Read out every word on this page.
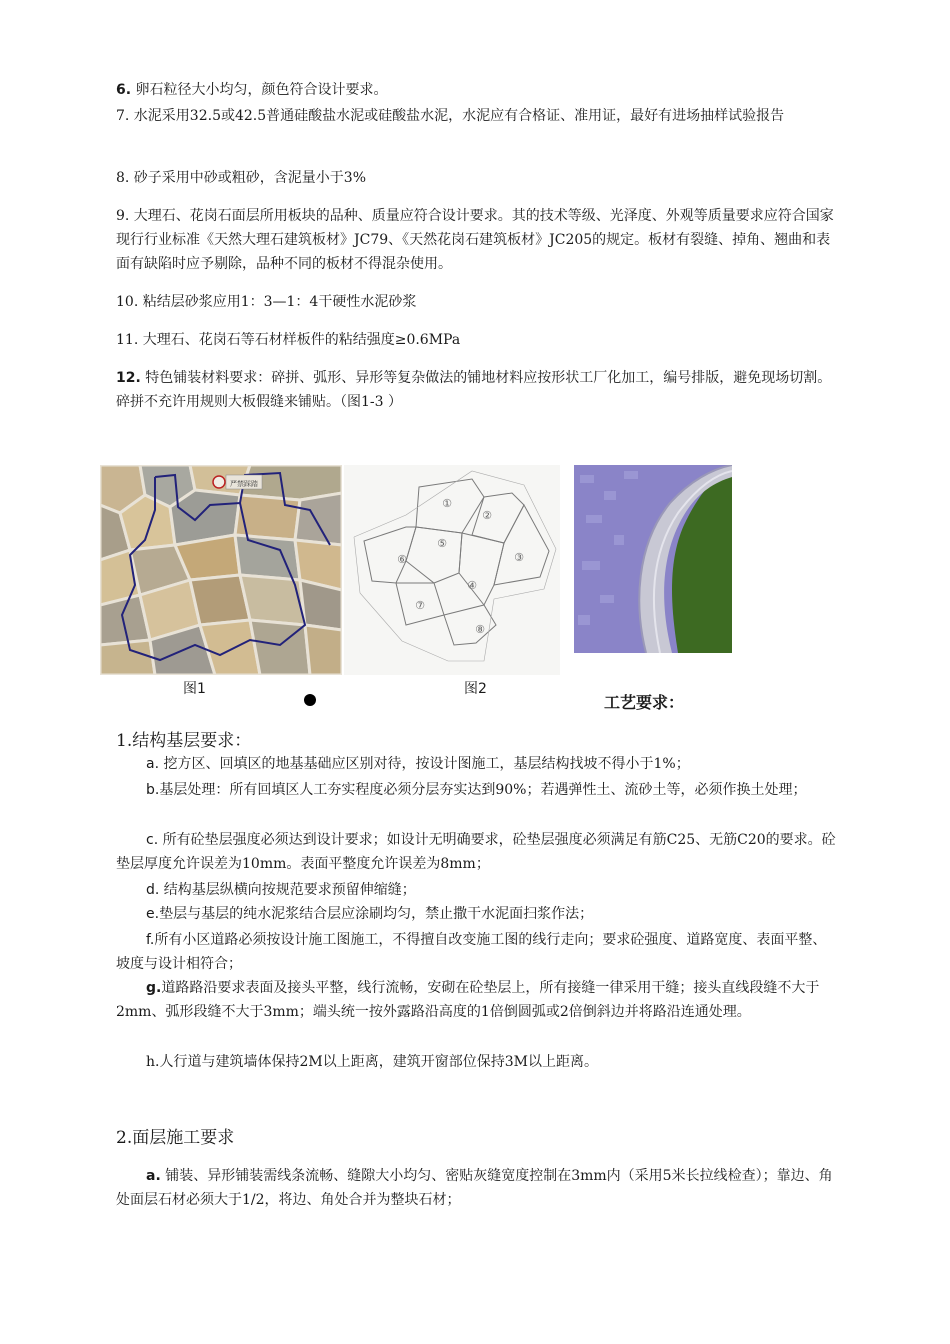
6. 卵石粒径大小均匀，颜色符合设计要求。

7. 水泥采用32.5或42.5普通硅酸盐水泥或硅酸盐水泥，水泥应有合格证、准用证，最好有进场抽样试验报告

8. 砂子采用中砂或粗砂，含泥量小于3%

9. 大理石、花岗石面层所用板块的品种、质量应符合设计要求。其的技术等级、光泽度、外观等质量要求应符合国家现行行业标准《天然大理石建筑板材》JC79、《天然花岗石建筑板材》JC205的规定。板材有裂缝、掉角、翘曲和表面有缺陷时应予剔除，品种不同的板材不得混杂使用。

10. 粘结层砂浆应用1：3—1：4干硬性水泥砂浆

11. 大理石、花岗石等石材样板件的粘结强度≥0.6MPa

12. 特色铺装材料要求：碎拼、弧形、异形等复杂做法的铺地材料应按形状工厂化加工，编号排版，避免现场切割。碎拼不充许用规则大板假缝来铺贴。（图1-3 ）

严禁踩踏
①
②
③
④
⑤
⑥
⑦
⑧
图1	图2
工艺要求：

1.结构基层要求：

a. 挖方区、回填区的地基基础应区别对待，按设计图施工，基层结构找坡不得小于1%；

b.基层处理：所有回填区人工夯实程度必须分层夯实达到90%；若遇弹性土、流砂土等，必须作换土处理；

c. 所有砼垫层强度必须达到设计要求；如设计无明确要求，砼垫层强度必须满足有筋C25、无筋C20的要求。砼垫层厚度允许误差为10mm。表面平整度允许误差为8mm；

d. 结构基层纵横向按规范要求预留伸缩缝；

e.垫层与基层的纯水泥浆结合层应涂刷均匀，禁止撒干水泥面扫浆作法；

f.所有小区道路必须按设计施工图施工，不得擅自改变施工图的线行走向；要求砼强度、道路宽度、表面平整、坡度与设计相符合；

g.道路路沿要求表面及接头平整，线行流畅，安砌在砼垫层上，所有接缝一律采用干缝；接头直线段缝不大于2mm、弧形段缝不大于3mm；端头统一按外露路沿高度的1倍倒圆弧或2倍倒斜边并将路沿连通处理。

h.人行道与建筑墙体保持2M以上距离，建筑开窗部位保持3M以上距离。

2.面层施工要求

a. 铺装、异形铺装需线条流畅、缝隙大小均匀、密贴灰缝宽度控制在3mm内（采用5米长拉线检查）；靠边、角处面层石材必须大于1/2，将边、角处合并为整块石材；
